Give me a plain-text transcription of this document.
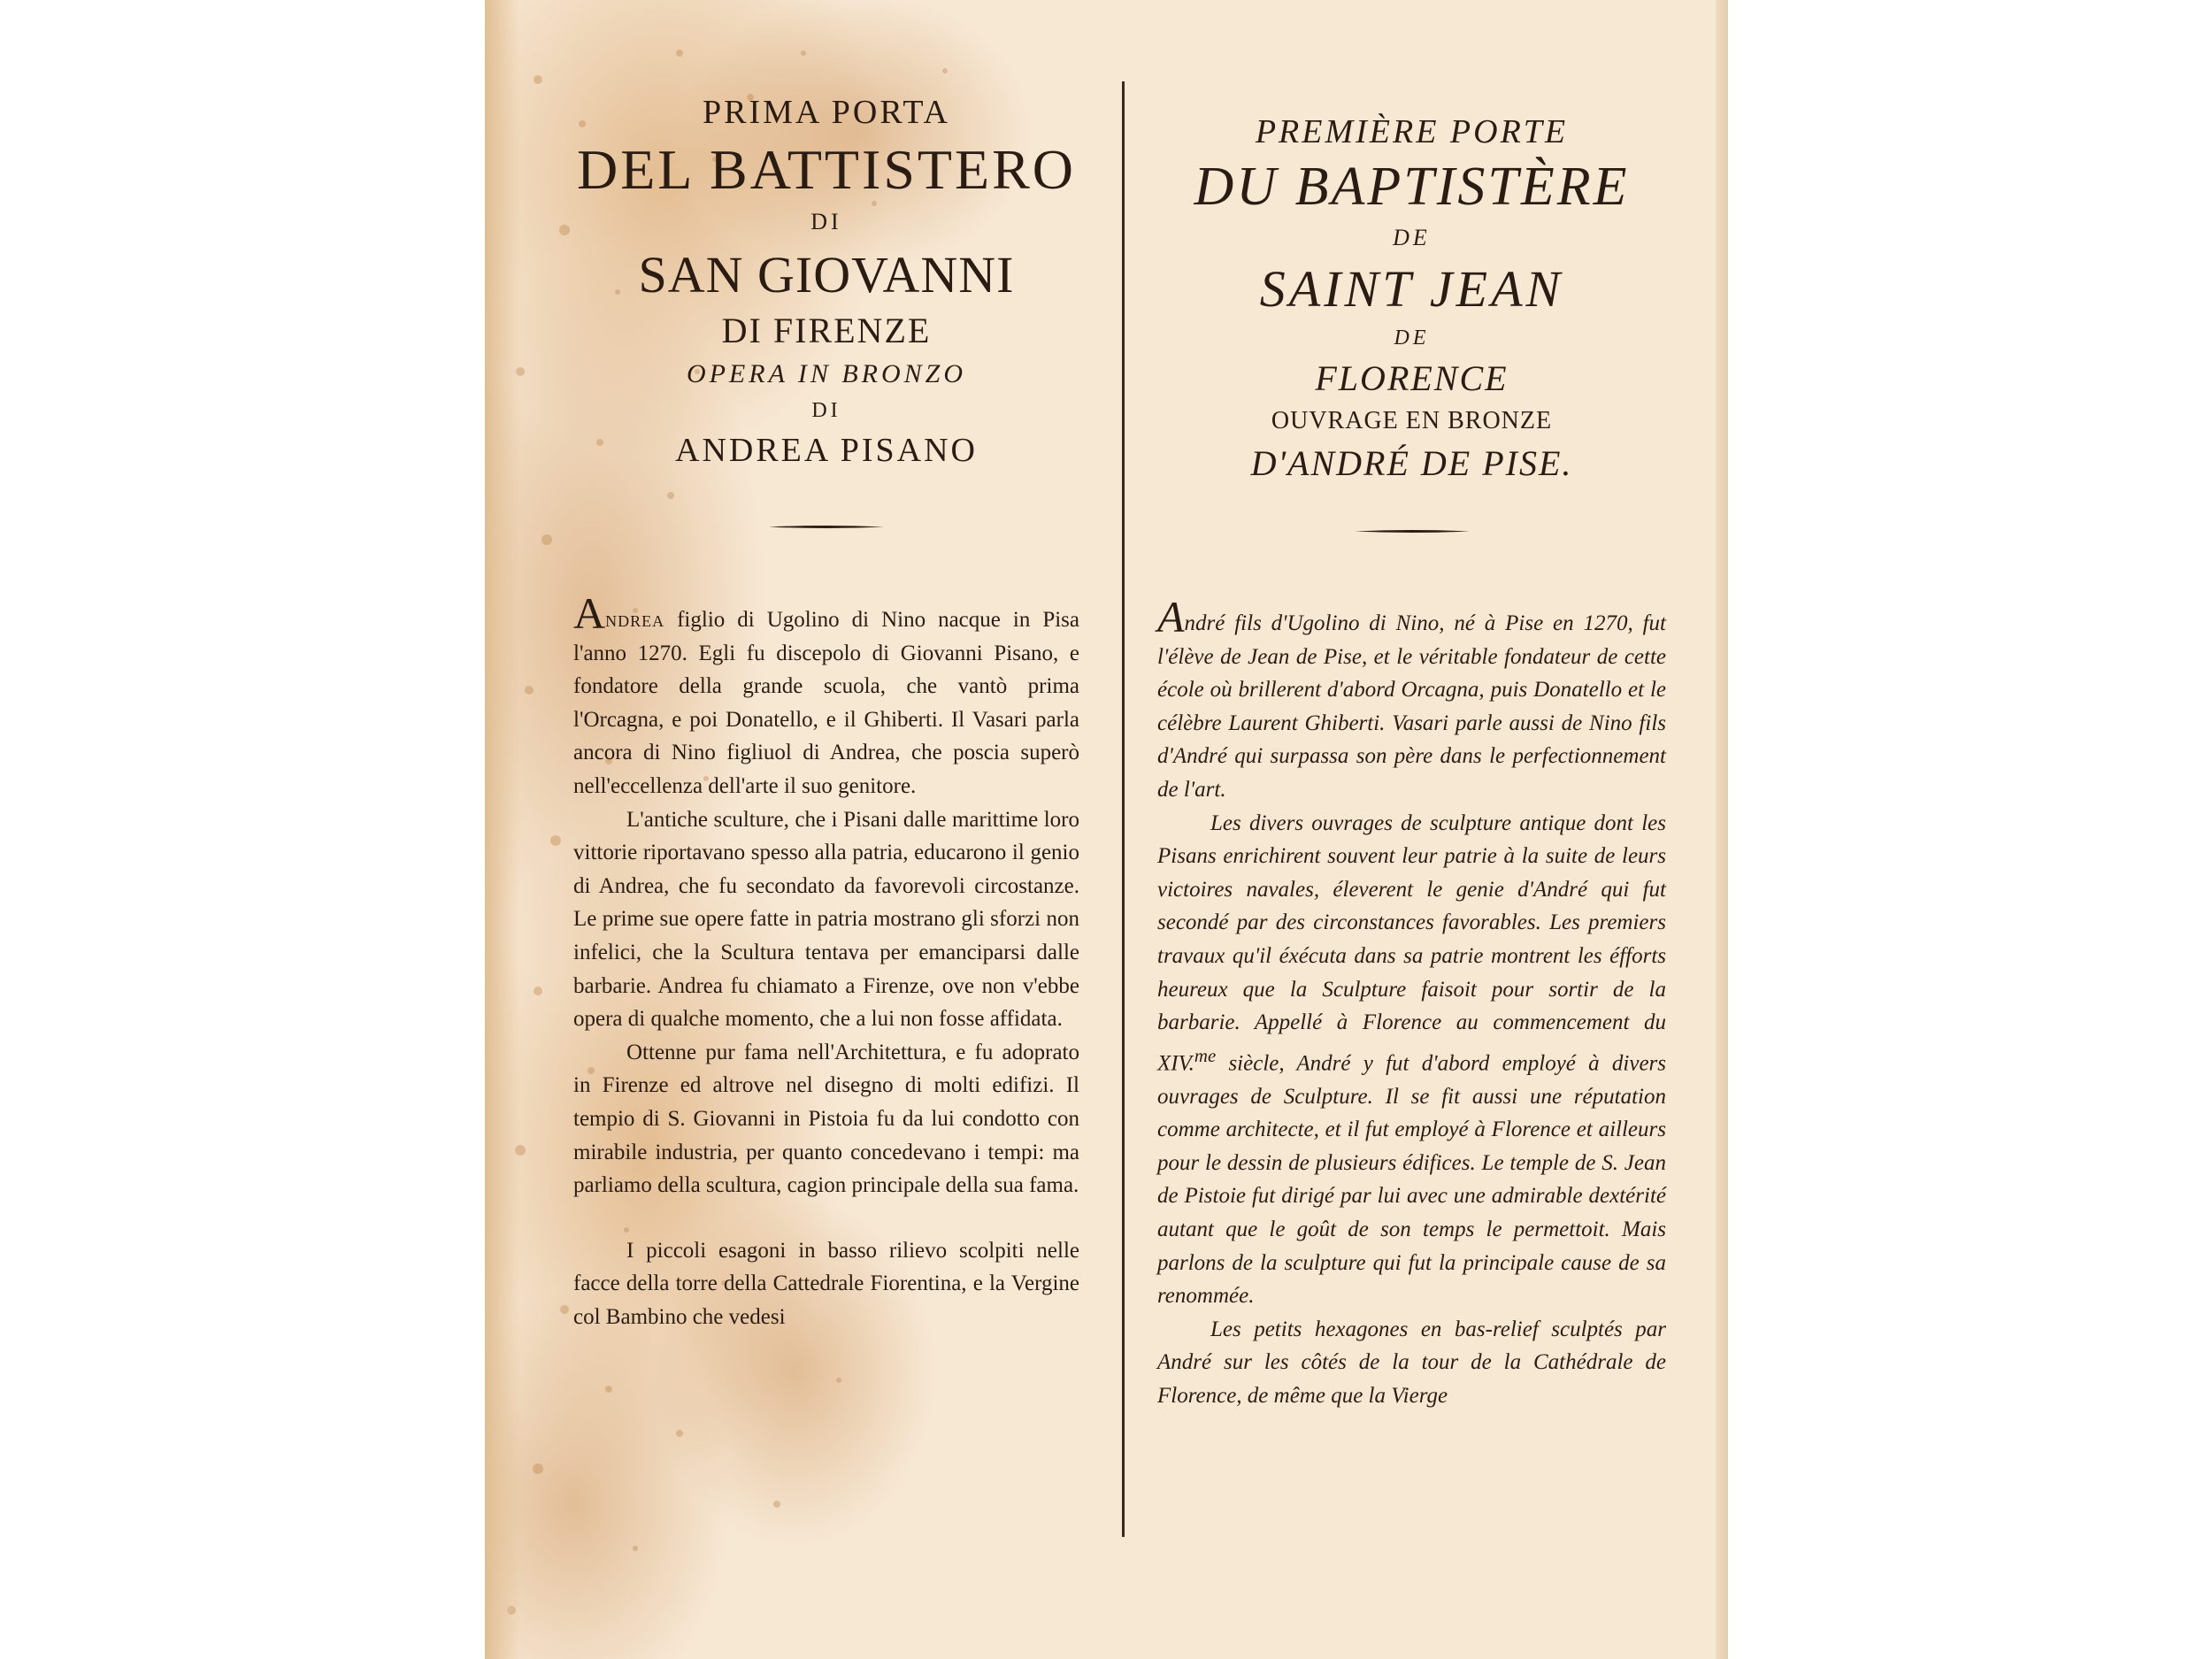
PRIMA PORTA
DEL BATTISTERO
DI
SAN GIOVANNI
DI FIRENZE
OPERA IN BRONZO
DI
ANDREA PISANO

Andrea figlio di Ugolino di Nino nacque in Pisa l'anno 1270. Egli fu discepolo di Giovanni Pisano, e fondatore della grande scuola, che vantò prima l'Orcagna, e poi Donatello, e il Ghiberti. Il Vasari parla ancora di Nino figliuol di Andrea, che poscia superò nell'eccellenza dell'arte il suo genitore.

L'antiche sculture, che i Pisani dalle marittime loro vittorie riportavano spesso alla patria, educarono il genio di Andrea, che fu secondato da favorevoli circostanze. Le prime sue opere fatte in patria mostrano gli sforzi non infelici, che la Scultura tentava per emanciparsi dalle barbarie. Andrea fu chiamato a Firenze, ove non v'ebbe opera di qualche momento, che a lui non fosse affidata.

Ottenne pur fama nell'Architettura, e fu adoprato in Firenze ed altrove nel disegno di molti edifizi. Il tempio di S. Giovanni in Pistoia fu da lui condotto con mirabile industria, per quanto concedevano i tempi: ma parliamo della scultura, cagion principale della sua fama.

I piccoli esagoni in basso rilievo scolpiti nelle facce della torre della Cattedrale Fiorentina, e la Vergine col Bambino che vedesi

PREMIÈRE PORTE
DU BAPTISTÈRE
DE
SAINT JEAN
DE
FLORENCE
OUVRAGE EN BRONZE
D'ANDRÉ DE PISE.

André fils d'Ugolino di Nino, né à Pise en 1270, fut l'élève de Jean de Pise, et le véritable fondateur de cette école où brillerent d'abord Orcagna, puis Donatello et le célèbre Laurent Ghiberti. Vasari parle aussi de Nino fils d'André qui surpassa son père dans le perfectionnement de l'art.

Les divers ouvrages de sculpture antique dont les Pisans enrichirent souvent leur patrie à la suite de leurs victoires navales, éleverent le genie d'André qui fut secondé par des circonstances favorables. Les premiers travaux qu'il éxécuta dans sa patrie montrent les éfforts heureux que la Sculpture faisoit pour sortir de la barbarie. Appellé à Florence au commencement du XIV.$^{me}$ siècle, André y fut d'abord employé à divers ouvrages de Sculpture. Il se fit aussi une réputation comme architecte, et il fut employé à Florence et ailleurs pour le dessin de plusieurs édifices. Le temple de S. Jean de Pistoie fut dirigé par lui avec une admirable dextérité autant que le goût de son temps le permettoit. Mais parlons de la sculpture qui fut la principale cause de sa renommée.

Les petits hexagones en bas-relief sculptés par André sur les côtés de la tour de la Cathédrale de Florence, de même que la Vierge
